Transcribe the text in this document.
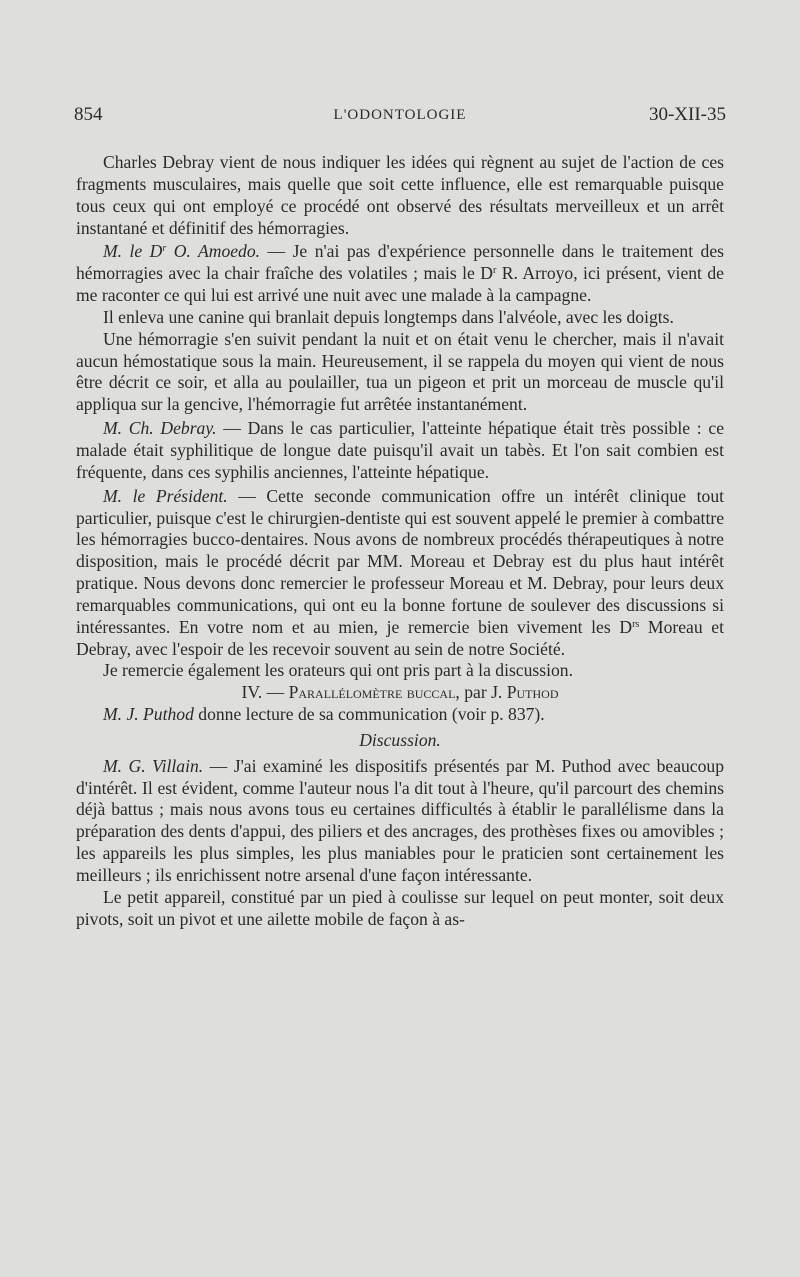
854	L'ODONTOLOGIE	30-XII-35

Charles Debray vient de nous indiquer les idées qui règnent au sujet de l'action de ces fragments musculaires, mais quelle que soit cette influence, elle est remarquable puisque tous ceux qui ont employé ce procédé ont observé des résultats merveilleux et un arrêt instantané et définitif des hémorragies.

M. le $D^r$ O. Amoedo. — Je n'ai pas d'expérience personnelle dans le traitement des hémorragies avec la chair fraîche des volatiles ; mais le $D^r$ R. Arroyo, ici présent, vient de me raconter ce qui lui est arrivé une nuit avec une malade à la campagne.

Il enleva une canine qui branlait depuis longtemps dans l'alvéole, avec les doigts.

Une hémorragie s'en suivit pendant la nuit et on était venu le chercher, mais il n'avait aucun hémostatique sous la main. Heureusement, il se rappela du moyen qui vient de nous être décrit ce soir, et alla au poulailler, tua un pigeon et prit un morceau de muscle qu'il appliqua sur la gencive, l'hémorragie fut arrêtée instantanément.

M. Ch. Debray. — Dans le cas particulier, l'atteinte hépatique était très possible : ce malade était syphilitique de longue date puisqu'il avait un tabès. Et l'on sait combien est fréquente, dans ces syphilis anciennes, l'atteinte hépatique.

M. le Président. — Cette seconde communication offre un intérêt clinique tout particulier, puisque c'est le chirurgien-dentiste qui est souvent appelé le premier à combattre les hémorragies bucco-dentaires. Nous avons de nombreux procédés thérapeutiques à notre disposition, mais le procédé décrit par MM. Moreau et Debray est du plus haut intérêt pratique. Nous devons donc remercier le professeur Moreau et M. Debray, pour leurs deux remarquables communications, qui ont eu la bonne fortune de soulever des discussions si intéressantes. En votre nom et au mien, je remercie bien vivement les $D^{rs}$ Moreau et Debray, avec l'espoir de les recevoir souvent au sein de notre Société.

Je remercie également les orateurs qui ont pris part à la discussion.

IV. — Parallélomètre buccal, par J. Puthod

M. J. Puthod donne lecture de sa communication (voir p. 837).

Discussion.

M. G. Villain. — J'ai examiné les dispositifs présentés par M. Puthod avec beaucoup d'intérêt. Il est évident, comme l'auteur nous l'a dit tout à l'heure, qu'il parcourt des chemins déjà battus ; mais nous avons tous eu certaines difficultés à établir le parallélisme dans la préparation des dents d'appui, des piliers et des ancrages, des prothèses fixes ou amovibles ; les appareils les plus simples, les plus maniables pour le praticien sont certainement les meilleurs ; ils enrichissent notre arsenal d'une façon intéressante.

Le petit appareil, constitué par un pied à coulisse sur lequel on peut monter, soit deux pivots, soit un pivot et une ailette mobile de façon à as-
